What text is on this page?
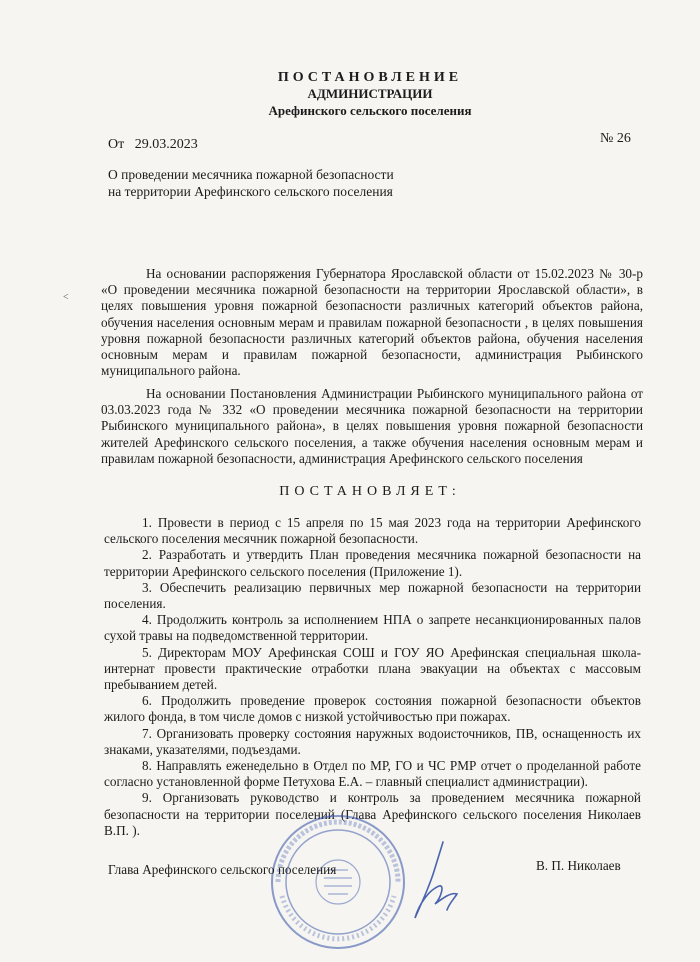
ПОСТАНОВЛЕНИЕ
АДМИНИСТРАЦИИ
Арефинского сельского поселения
От   29.03.2023	№ 26
О проведении месячника пожарной безопасности на территории Арефинского сельского поселения
˂
На основании распоряжения Губернатора Ярославской области от 15.02.2023 № 30-р «О проведении месячника пожарной безопасности на территории Ярославской области», в целях повышения уровня пожарной безопасности различных категорий объектов района, обучения населения основным мерам и правилам пожарной безопасности , в целях повышения уровня пожарной безопасности различных категорий объектов района, обучения населения основным мерам и правилам пожарной безопасности, администрация Рыбинского муниципального района.
На основании Постановления Администрации Рыбинского муниципального района от 03.03.2023 года № 332 «О проведении месячника пожарной безопасности на территории Рыбинского муниципального района», в целях повышения уровня пожарной безопасности жителей Арефинского сельского поселения, а также обучения населения основным мерам и правилам пожарной безопасности, администрация Арефинского сельского поселения
ПОСТАНОВЛЯЕТ:

1. Провести в период с 15 апреля по 15 мая 2023 года на территории Арефинского сельского поселения месячник пожарной безопасности.

2. Разработать и утвердить План проведения месячника пожарной безопасности на территории Арефинского сельского поселения (Приложение 1).

3. Обеспечить реализацию первичных мер пожарной безопасности на территории поселения.

4. Продолжить контроль за исполнением НПА о запрете несанкционированных палов сухой травы на подведомственной территории.

5. Директорам МОУ Арефинская СОШ и ГОУ ЯО Арефинская специальная школа-интернат провести практические отработки плана эвакуации на объектах с массовым пребыванием детей.

6. Продолжить проведение проверок состояния пожарной безопасности объектов жилого фонда, в том числе домов с низкой устойчивостью при пожарах.

7. Организовать проверку состояния наружных водоисточников, ПВ, оснащенность их знаками, указателями, подъездами.

8. Направлять еженедельно в Отдел по МР, ГО и ЧС РМР отчет о проделанной работе согласно установленной форме Петухова Е.А. – главный специалист администрации).

9. Организовать руководство и контроль за проведением месячника пожарной безопасности на территории поселений (Глава Арефинского сельского поселения Николаев В.П. ).

Глава Арефинского сельского поселения	В. П. Николаев
